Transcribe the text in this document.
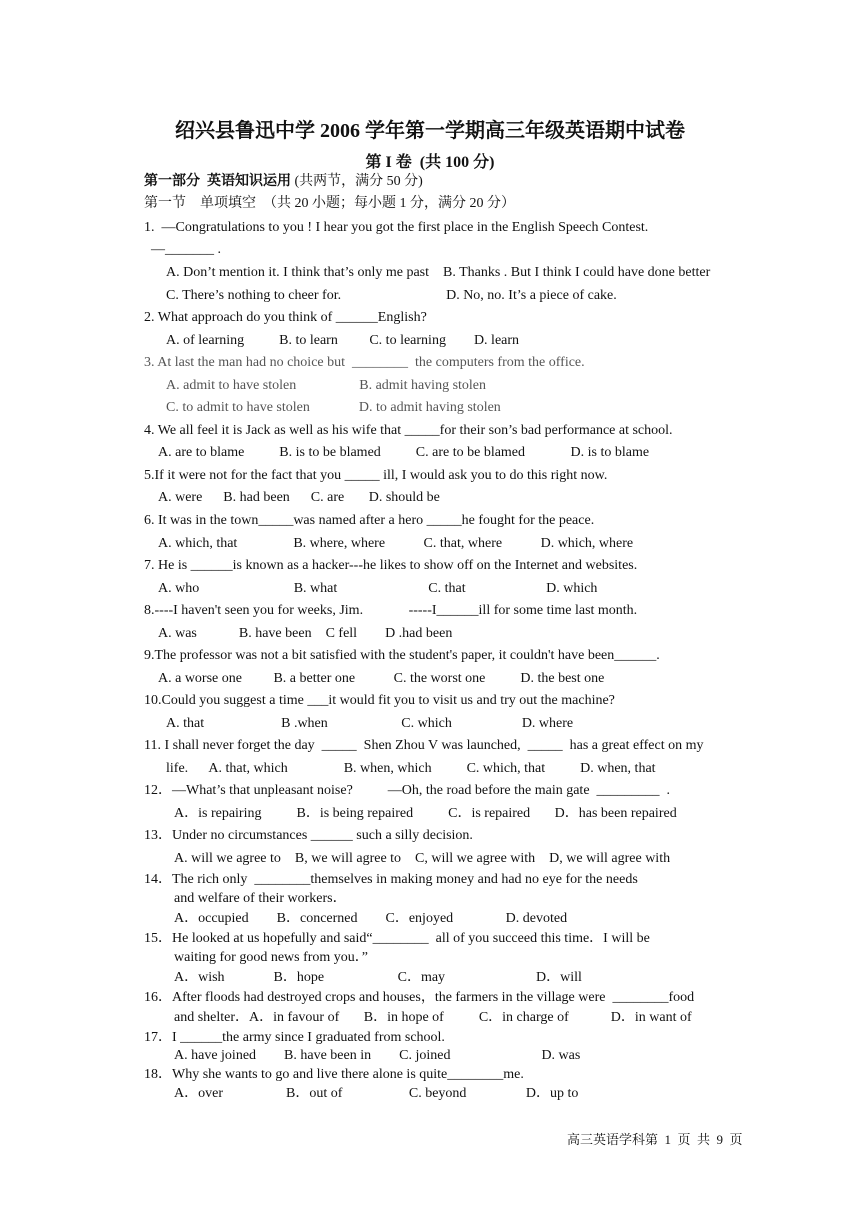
绍兴县鲁迅中学 2006 学年第一学期高三年级英语期中试卷
第 I 卷  (共 100 分)
第一部分  英语知识运用 (共两节，满分 50 分)
第一节    单项填空  （共 20 小题；每小题 1 分，满分 20 分）
1.  ―Congratulations to you ! I hear you got the first place in the English Speech Contest.
―_______ .
A. Don’t mention it. I think that’s only me past    B. Thanks . But I think I could have done better
C. There’s nothing to cheer for.                              D. No, no. It’s a piece of cake.
2. What approach do you think of ______English?
A. of learning          B. to learn         C. to learning        D. learn
3. At last the man had no choice but  ________  the computers from the office.
A. admit to have stolen                  B. admit having stolen
C. to admit to have stolen              D. to admit having stolen
4. We all feel it is Jack as well as his wife that _____for their son’s bad performance at school.
A. are to blame          B. is to be blamed          C. are to be blamed             D. is to blame
5.If it were not for the fact that you _____ ill, I would ask you to do this right now.
A. were      B. had been      C. are       D. should be
6. It was in the town_____was named after a hero _____he fought for the peace.
A. which, that                B. where, where           C. that, where           D. which, where
7. He is ______is known as a hacker---he likes to show off on the Internet and websites.
A. who                           B. what                          C. that                       D. which
8.----I haven't seen you for weeks, Jim.             -----I______ill for some time last month.
A. was            B. have been    C fell        D .had been
9.The professor was not a bit satisfied with the student's paper, it couldn't have been______.
A. a worse one         B. a better one           C. the worst one          D. the best one
10.Could you suggest a time ___it would fit you to visit us and try out the machine?
A. that                      B .when                     C. which                    D. where
11. I shall never forget the day  _____  Shen Zhou V was launched,  _____  has a great effect on my
life.      A. that, which                B. when, which          C. which, that          D. when, that
12．—What’s that unpleasant noise?          —Oh, the road before the main gate  _________  .
A．is repairing          B．is being repaired          C．is repaired       D．has been repaired
13．Under no circumstances ______ such a silly decision.
A. will we agree to    B, we will agree to    C, will we agree with    D, we will agree with
14．The rich only  ________themselves in making money and had no eye for the needs
and welfare of their workers．
A．occupied        B．concerned        C．enjoyed               D. devoted
15．He looked at us hopefully and said“________  all of you succeed this time．I will be
waiting for good news from you．”
A．wish              B．hope                     C．may                          D．will
16．After floods had destroyed crops and houses，the farmers in the village were  ________food
and shelter．A．in favour of       B．in hope of          C．in charge of            D．in want of
17．I ______the army since I graduated from school.
A. have joined        B. have been in        C. joined                          D. was
18．Why she wants to go and live there alone is quite________me.
A．over                  B．out of                   C. beyond                 D．up to
高三英语学科第  1  页  共  9  页
